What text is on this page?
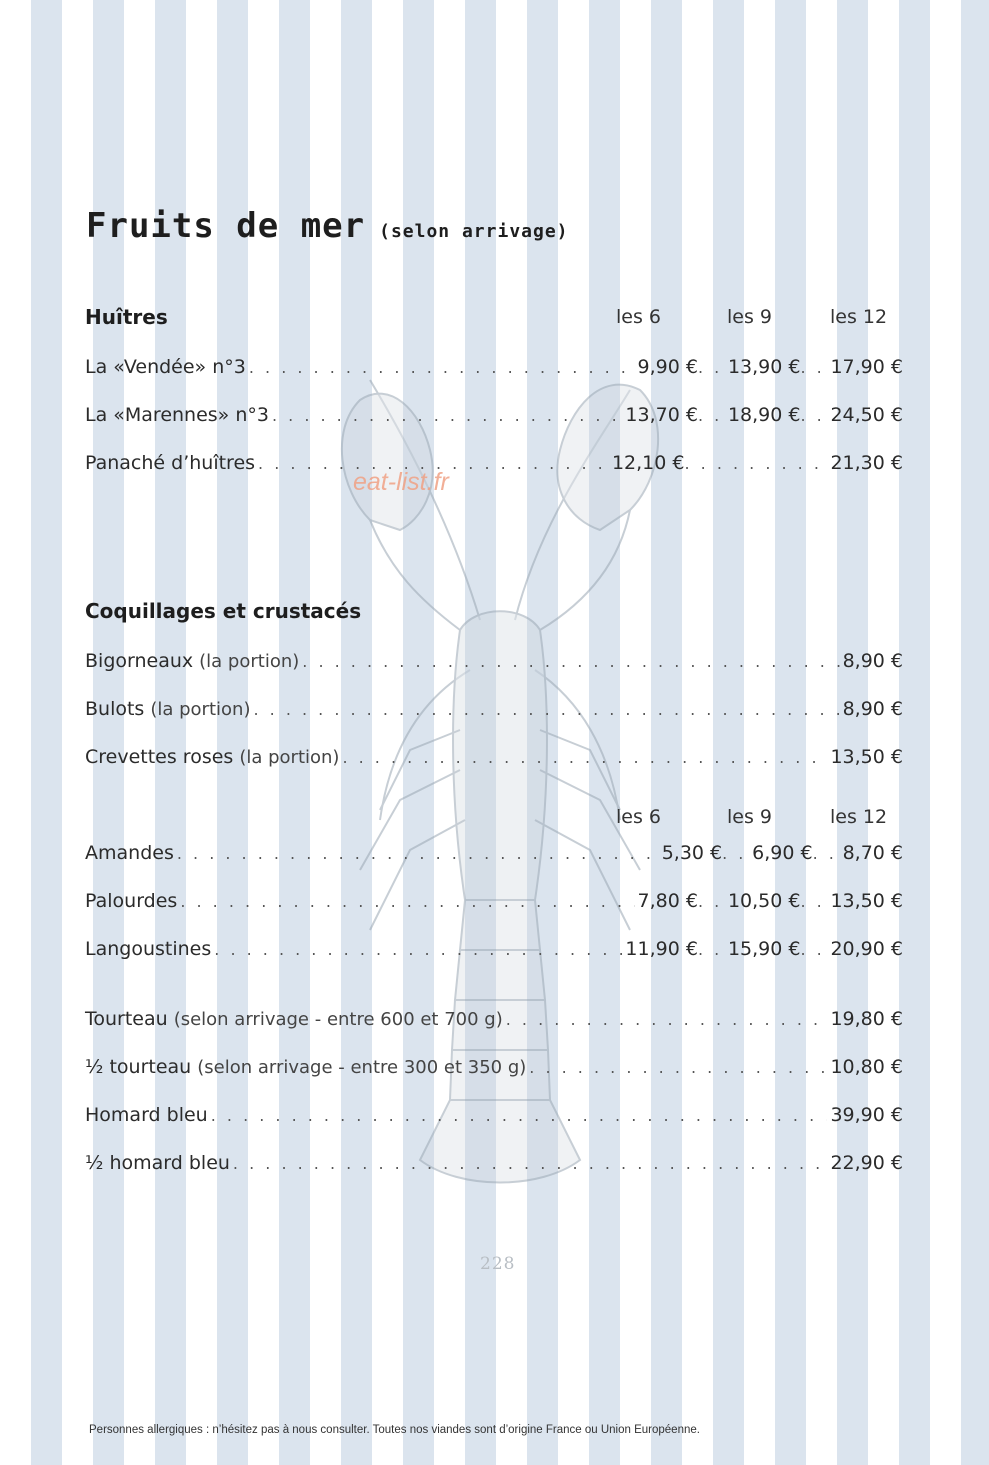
228
eat-list.fr
Fruits de mer (selon arrivage)
Huîtres	les 6	les 9	les 12
La «Vendée» n°3 . . .	9,90 € . . . 13,90 € . . . 17,90 €
La «Marennes» n°3 . . .	13,70 € . . . 18,90 € . . . 24,50 €
Panaché d’huîtres . . .	12,10 € . . .	21,30 €
Coquillages et crustacés
Bigorneaux (la portion) . . .	8,90 €
Bulots (la portion) . . .	8,90 €
Crevettes roses (la portion) . . .	13,50 €
les 6	les 9	les 12
Amandes . . .	5,30 € . . . 6,90 € . . . 8,70 €
Palourdes . . .	7,80 € . . . 10,50 € . . . 13,50 €
Langoustines . . .	11,90 € . . . 15,90 € . . . 20,90 €
Tourteau (selon arrivage - entre 600 et 700 g) . . .	19,80 €
½ tourteau (selon arrivage - entre 300 et 350 g) . . .	10,80 €
Homard bleu . . .	39,90 €
½ homard bleu . . .	22,90 €
Personnes allergiques : n’hésitez pas à nous consulter. Toutes nos viandes sont d’origine France ou Union Européenne.
